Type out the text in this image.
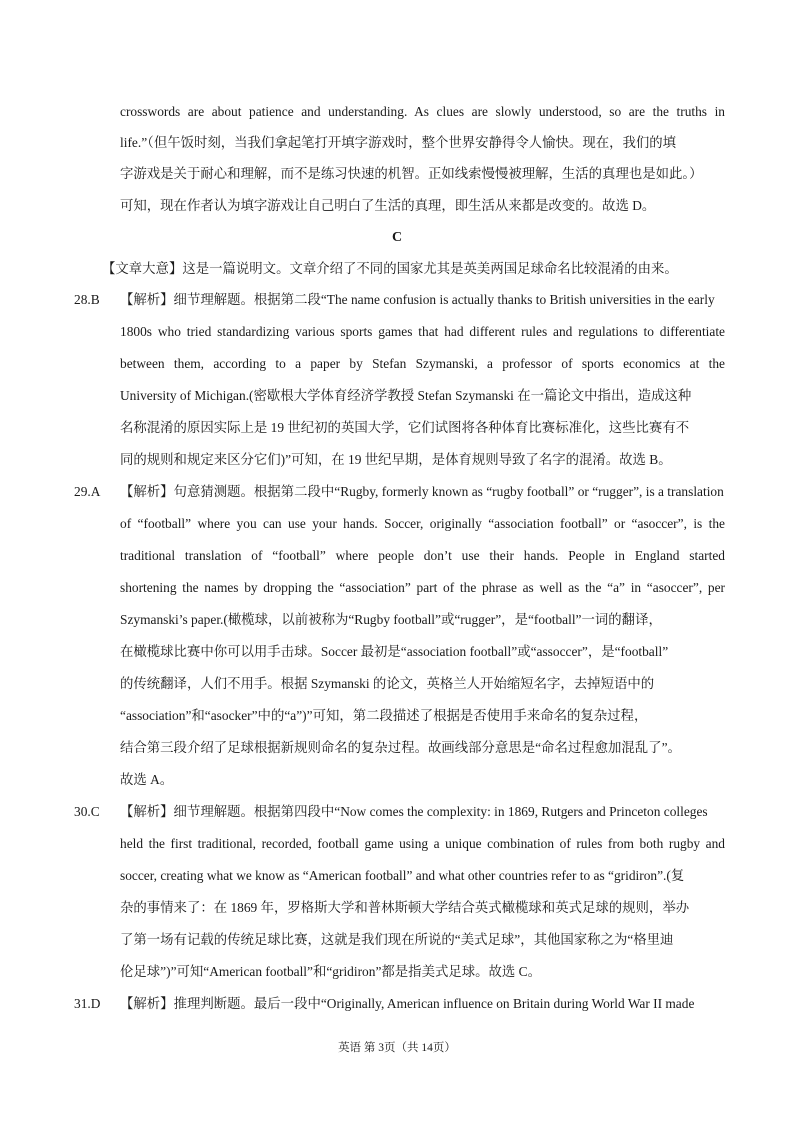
crosswords are about patience and understanding. As clues are slowly understood, so are the truths in
life.”（但午饭时刻，当我们拿起笔打开填字游戏时，整个世界安静得令人愉快。现在，我们的填
字游戏是关于耐心和理解，而不是练习快速的机智。正如线索慢慢被理解，生活的真理也是如此。）
可知，现在作者认为填字游戏让自己明白了生活的真理，即生活从来都是改变的。故选 D。
C
【文章大意】这是一篇说明文。文章介绍了不同的国家尤其是英美两国足球命名比较混淆的由来。
28.B 【解析】细节理解题。根据第二段“The name confusion is actually thanks to British universities in the early
1800s who tried standardizing various sports games that had different rules and regulations to differentiate
between them, according to a paper by Stefan Szymanski, a professor of sports economics at the
University of Michigan.(密歇根大学体育经济学教授 Stefan Szymanski 在一篇论文中指出，造成这种
名称混淆的原因实际上是 19 世纪初的英国大学，它们试图将各种体育比赛标准化，这些比赛有不
同的规则和规定来区分它们)”可知，在 19 世纪早期，是体育规则导致了名字的混淆。故选 B。
29.A 【解析】句意猜测题。根据第二段中“Rugby, formerly known as “rugby football” or “rugger”, is a translation
of “football” where you can use your hands. Soccer, originally “association football” or “asoccer”, is the
traditional translation of “football” where people don’t use their hands. People in England started
shortening the names by dropping the “association” part of the phrase as well as the “a” in “asoccer”, per
Szymanski’s paper.(橄榄球，以前被称为“Rugby football”或“rugger”，是“football”一词的翻译，
在橄榄球比赛中你可以用手击球。Soccer 最初是“association football”或“assoccer”，是“football”
的传统翻译，人们不用手。根据 Szymanski 的论文，英格兰人开始缩短名字，去掉短语中的
“association”和“asocker”中的“a”)”可知，第二段描述了根据是否使用手来命名的复杂过程，
结合第三段介绍了足球根据新规则命名的复杂过程。故画线部分意思是“命名过程愈加混乱了”。
故选 A。
30.C 【解析】细节理解题。根据第四段中“Now comes the complexity: in 1869, Rutgers and Princeton colleges
held the first traditional, recorded, football game using a unique combination of rules from both rugby and
soccer, creating what we know as “American football” and what other countries refer to as “gridiron”.(复
杂的事情来了：在 1869 年，罗格斯大学和普林斯顿大学结合英式橄榄球和英式足球的规则，举办
了第一场有记载的传统足球比赛，这就是我们现在所说的“美式足球”，其他国家称之为“格里迪
伦足球”)”可知“American football”和“gridiron”都是指美式足球。故选 C。
31.D 【解析】推理判断题。最后一段中“Originally, American influence on Britain during World War II made
英语 第 3页（共 14页）
